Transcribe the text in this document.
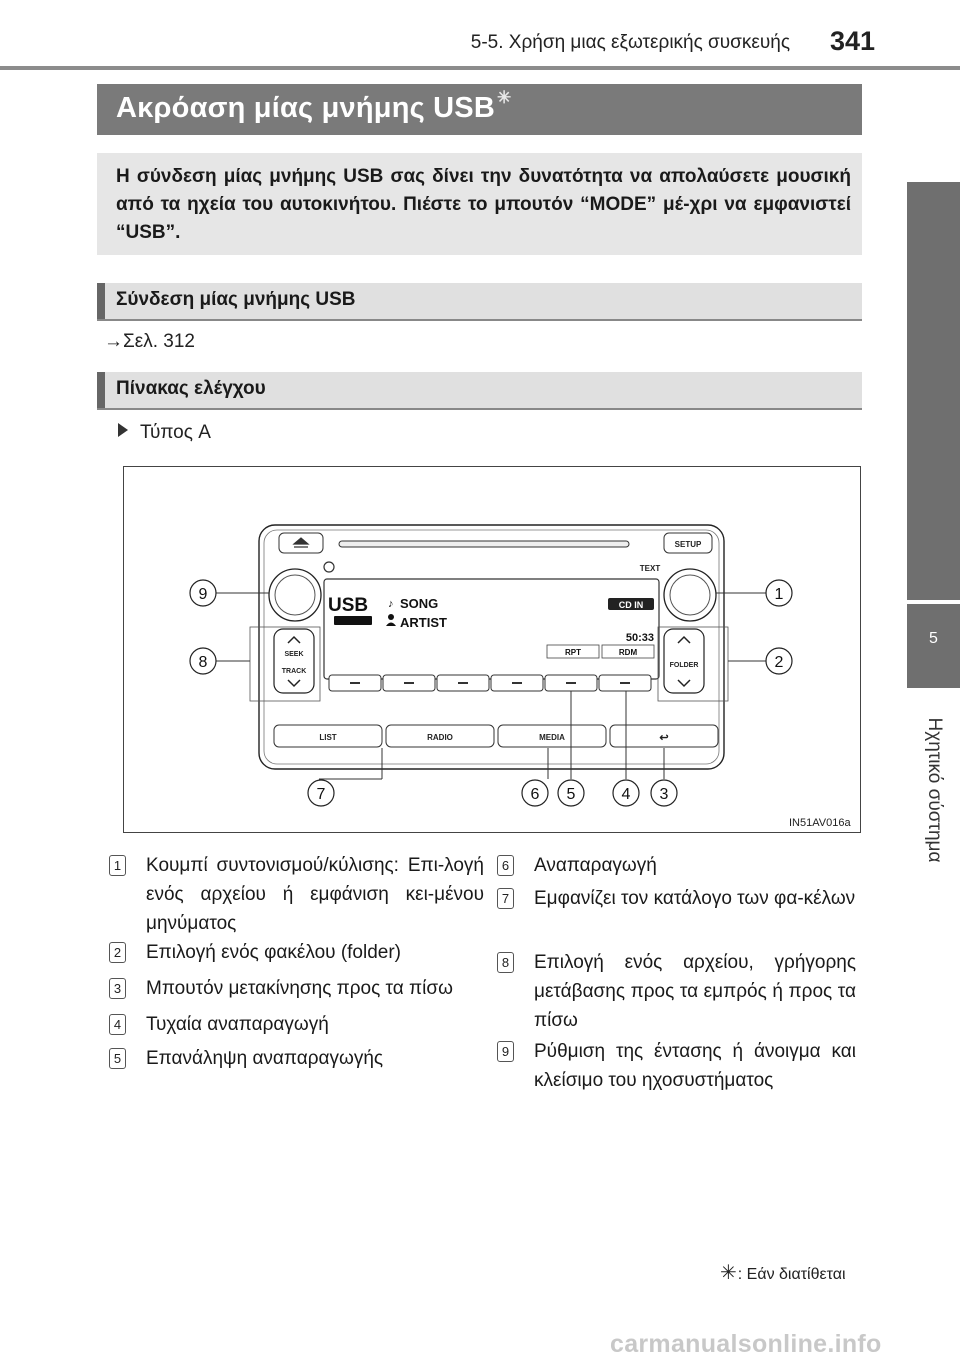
5-5. Χρήση μιας εξωτερικής συσκευής 341
5
Ηχητικό σύστημα
Ακρόαση μίας μνήμης USB ✳
Η σύνδεση μίας μνήμης USB σας δίνει την δυνατότητα να απολαύσετε μουσική από τα ηχεία του αυτοκινήτου. Πιέστε το μπουτόν “MODE” μέ-χρι να εμφανιστεί “USB”.
Σύνδεση μίας μνήμης USB
→Σελ. 312
Πίνακας ελέγχου
Τύπος A
SETUP
TEXT
USB ♪ SONG
ARTIST
CD IN
50:33
RPT	RDM
SEEK
TRACK
FOLDER
LIST	RADIO	MEDIA	↩
9
8
1
2
7	6 5	4 3
IN51AV016a
1 Κουμπί συντονισμού/κύλισης: Επι-λογή ενός αρχείου ή εμφάνιση κει-μένου μηνύματος
2 Επιλογή ενός φακέλου (folder)
3 Μπουτόν μετακίνησης προς τα πίσω
4 Τυχαία αναπαραγωγή
5 Επανάληψη αναπαραγωγής
6 Αναπαραγωγή
7 Εμφανίζει τον κατάλογο των φα-κέλων
8 Επιλογή ενός αρχείου, γρήγορης μετάβασης προς τα εμπρός ή προς τα πίσω
9 Ρύθμιση της έντασης ή άνοιγμα και κλείσιμο του ηχοσυστήματος
✳: Εάν διατίθεται
carmanualsonline.info
